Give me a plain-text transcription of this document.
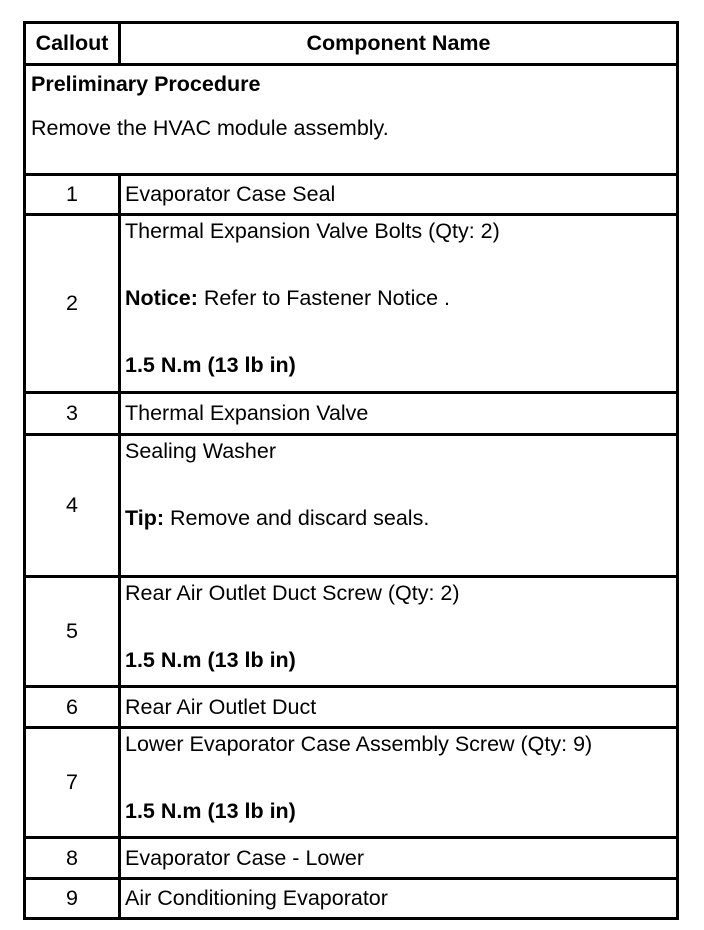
Callout	Component Name

Preliminary Procedure
Remove the HVAC module assembly.	

1	Evaporator Case Seal
2	Thermal Expansion Valve Bolts (Qty: 2)
Notice: Refer to Fastener Notice .
1.5 N.m (13 lb in)

3	Thermal Expansion Valve
4	Sealing Washer
Tip: Remove and discard seals.

5	Rear Air Outlet Duct Screw (Qty: 2)
1.5 N.m (13 lb in)

6	Rear Air Outlet Duct
7	Lower Evaporator Case Assembly Screw (Qty: 9)
1.5 N.m (13 lb in)

8	Evaporator Case - Lower
9	Air Conditioning Evaporator
